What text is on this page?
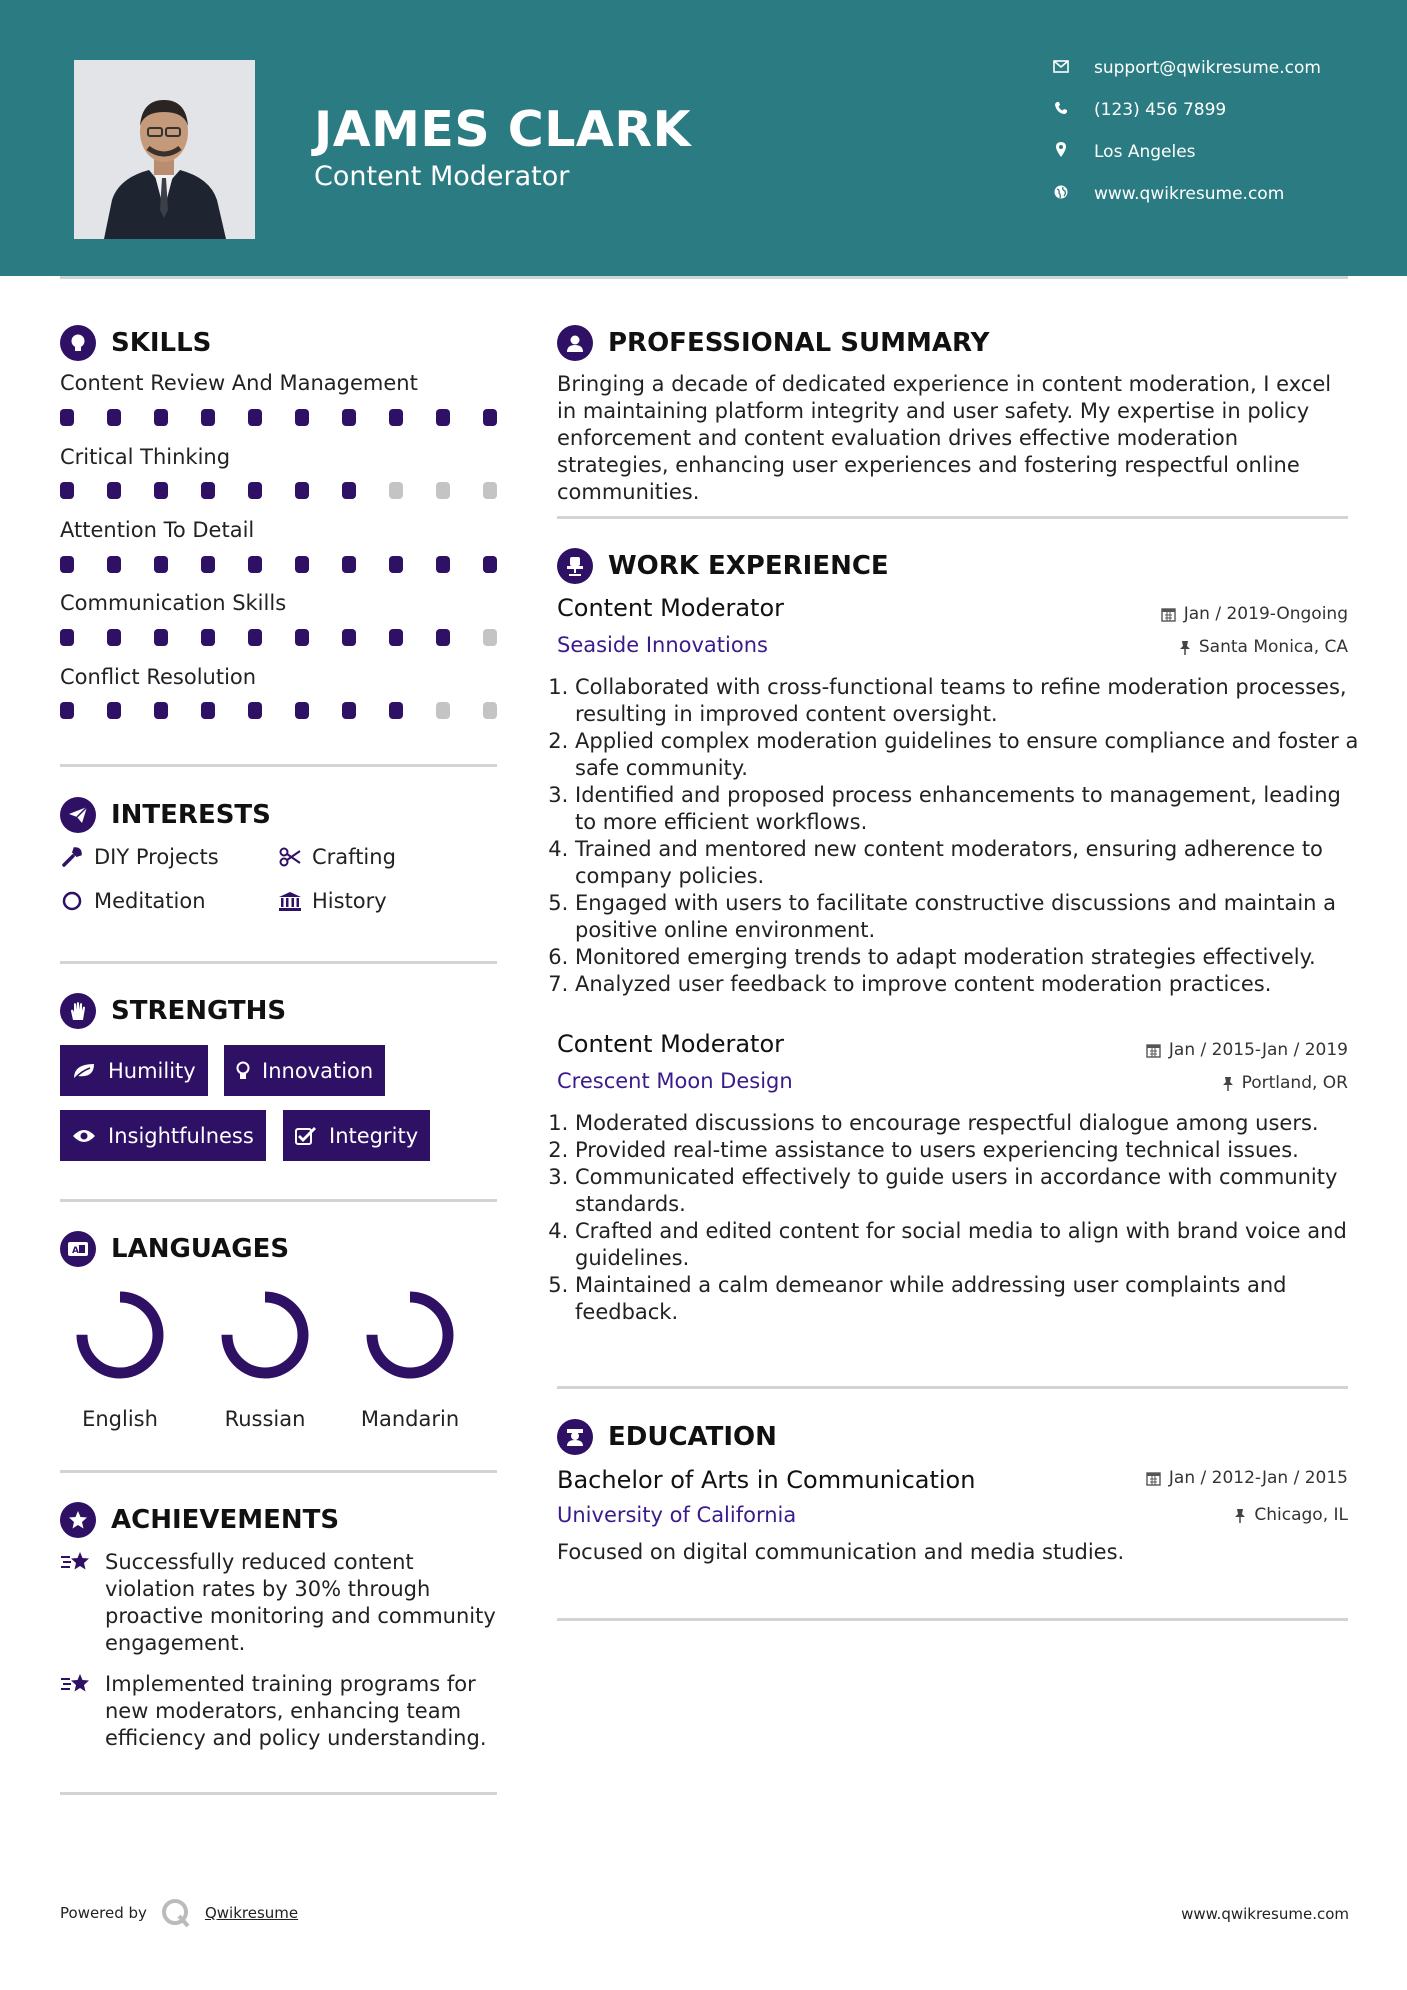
JAMES CLARK
Content Moderator
support@qwikresume.com
(123) 456 7899
Los Angeles
www.qwikresume.com
SKILLS
Content Review And Management
Critical Thinking
Attention To Detail
Communication Skills
Conflict Resolution
INTERESTS
DIY Projects	Crafting
Meditation	History
STRENGTHS
Humility	Innovation
Insightfulness	Integrity
A LANGUAGES
English	Russian	Mandarin
ACHIEVEMENTS
Successfully reduced content violation rates by 30% through proactive monitoring and community engagement.
Implemented training programs for new moderators, enhancing team efficiency and policy understanding.
PROFESSIONAL SUMMARY
Bringing a decade of dedicated experience in content moderation, I excel in maintaining platform integrity and user safety. My expertise in policy enforcement and content evaluation drives effective moderation strategies, enhancing user experiences and fostering respectful online communities.
WORK EXPERIENCE
Content Moderator	Jan / 2019-Ongoing
Seaside Innovations	Santa Monica, CA
1. Collaborated with cross-functional teams to refine moderation processes, resulting in improved content oversight.
2. Applied complex moderation guidelines to ensure compliance and foster a safe community.
3. Identified and proposed process enhancements to management, leading to more efficient workflows.
4. Trained and mentored new content moderators, ensuring adherence to company policies.
5. Engaged with users to facilitate constructive discussions and maintain a positive online environment.
6. Monitored emerging trends to adapt moderation strategies effectively.
7. Analyzed user feedback to improve content moderation practices.
Content Moderator	Jan / 2015-Jan / 2019
Crescent Moon Design	Portland, OR
1. Moderated discussions to encourage respectful dialogue among users.
2. Provided real-time assistance to users experiencing technical issues.
3. Communicated effectively to guide users in accordance with community standards.
4. Crafted and edited content for social media to align with brand voice and guidelines.
5. Maintained a calm demeanor while addressing user complaints and feedback.
EDUCATION
Bachelor of Arts in Communication	Jan / 2012-Jan / 2015
University of California	Chicago, IL
Focused on digital communication and media studies.
Powered by	Qwikresume	www.qwikresume.com
